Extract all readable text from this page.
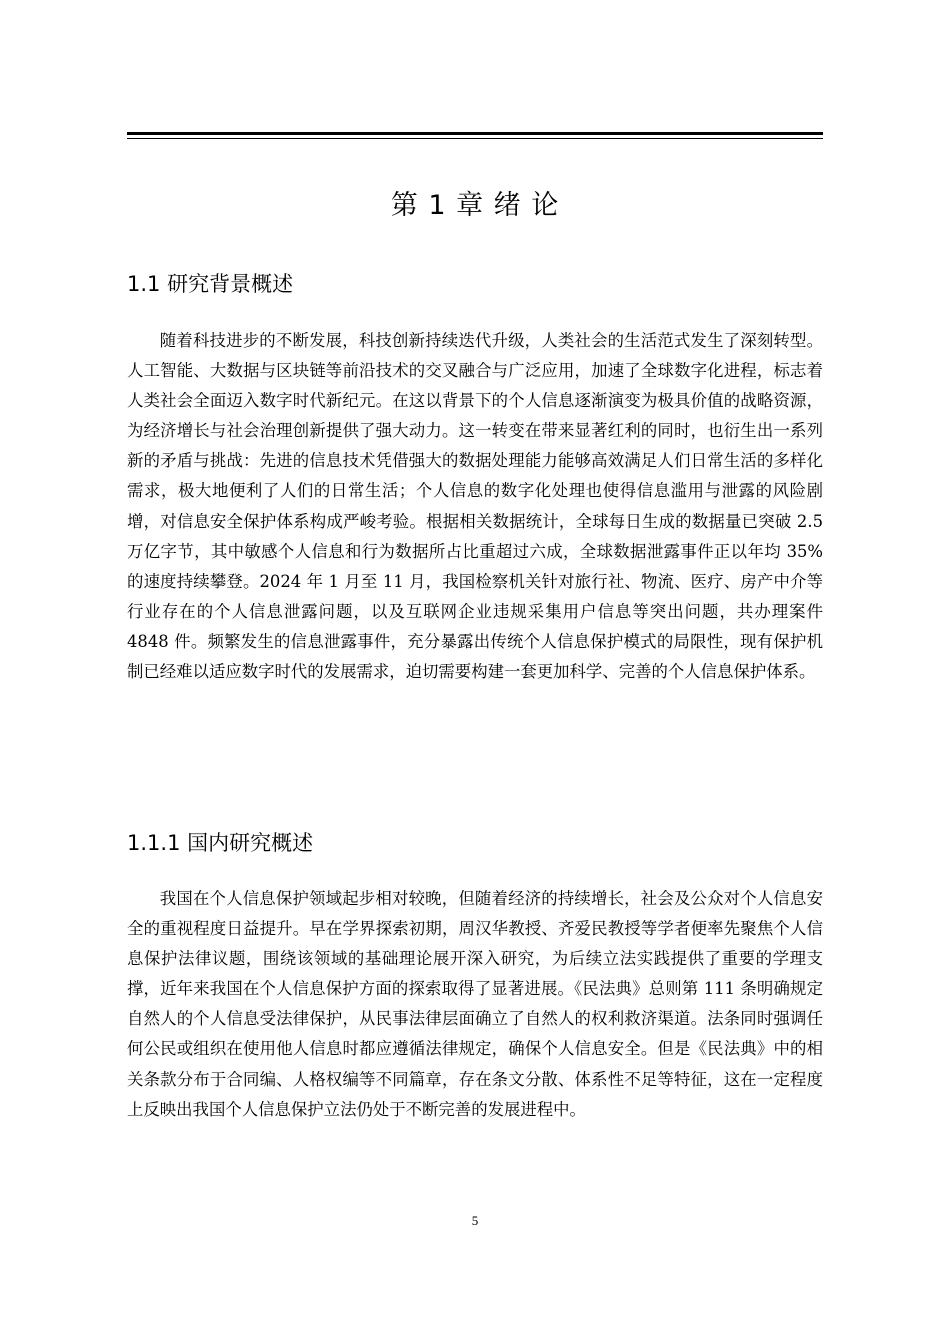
第 1 章 绪 论
1.1 研究背景概述

随着科技进步的不断发展，科技创新持续迭代升级，人类社会的生活范式发生了深刻转型。人工智能、大数据与区块链等前沿技术的交叉融合与广泛应用，加速了全球数字化进程，标志着人类社会全面迈入数字时代新纪元。在这以背景下的个人信息逐渐演变为极具价值的战略资源，为经济增长与社会治理创新提供了强大动力。这一转变在带来显著红利的同时，也衍生出一系列新的矛盾与挑战：先进的信息技术凭借强大的数据处理能力能够高效满足人们日常生活的多样化需求，极大地便利了人们的日常生活；个人信息的数字化处理也使得信息滥用与泄露的风险剧增，对信息安全保护体系构成严峻考验。根据相关数据统计，全球每日生成的数据量已突破 2.5 万亿字节，其中敏感个人信息和行为数据所占比重超过六成，全球数据泄露事件正以年均 35%的速度持续攀登。2024 年 1 月至 11 月，我国检察机关针对旅行社、物流、医疗、房产中介等行业存在的个人信息泄露问题，以及互联网企业违规采集用户信息等突出问题，共办理案件 4848 件。频繁发生的信息泄露事件，充分暴露出传统个人信息保护模式的局限性，现有保护机制已经难以适应数字时代的发展需求，迫切需要构建一套更加科学、完善的个人信息保护体系。

1.1.1 国内研究概述

我国在个人信息保护领域起步相对较晚，但随着经济的持续增长，社会及公众对个人信息安全的重视程度日益提升。早在学界探索初期，周汉华教授、齐爱民教授等学者便率先聚焦个人信息保护法律议题，围绕该领域的基础理论展开深入研究，为后续立法实践提供了重要的学理支撑，近年来我国在个人信息保护方面的探索取得了显著进展。《民法典》总则第 111 条明确规定自然人的个人信息受法律保护，从民事法律层面确立了自然人的权利救济渠道。法条同时强调任何公民或组织在使用他人信息时都应遵循法律规定，确保个人信息安全。但是《民法典》中的相关条款分布于合同编、人格权编等不同篇章，存在条文分散、体系性不足等特征，这在一定程度上反映出我国个人信息保护立法仍处于不断完善的发展进程中。

5
